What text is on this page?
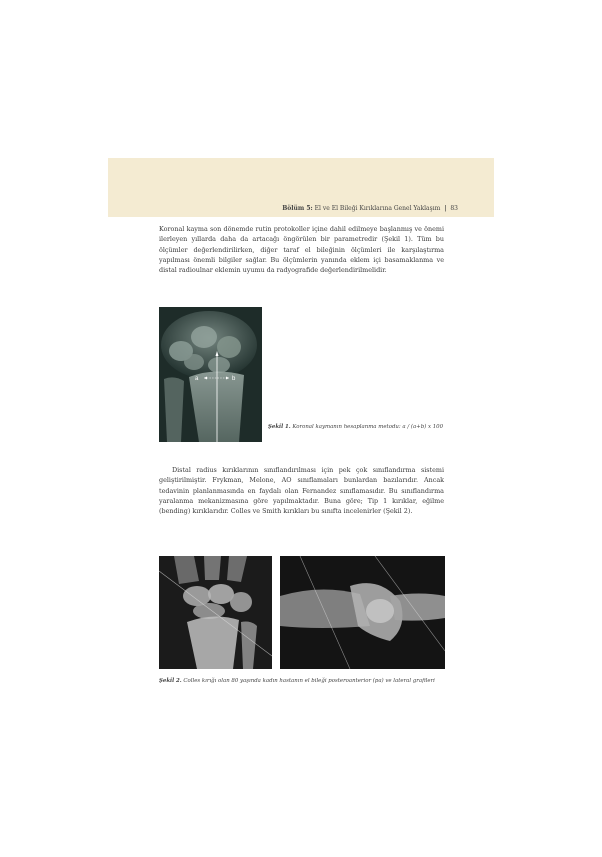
Bölüm 5: El ve El Bileği Kırıklarına Genel Yaklaşım | 83

Koronal kayma son dönemde rutin protokoller içine dahil edilmeye başlanmış ve önemi ilerleyen yıllarda daha da artacağı öngörülen bir parametredir (Şekil 1). Tüm bu ölçümler değerlendirilirken, diğer taraf el bileğinin ölçümleri ile karşılaştırma yapılması önemli bilgiler sağlar. Bu ölçümlerin yanında eklem içi basamaklanma ve distal radioulnar eklemin uyumu da radyografide değerlendirilmelidir.

a	b

Şekil 1. Koronal kaymanın hesaplanma metodu: a / (a+b) x 100

Distal radius kırıklarının sınıflandırılması için pek çok sınıflandırma sistemi geliştirilmiştir. Frykman, Melone, AO sınıflamaları bunlardan bazılarıdır. Ancak tedavinin planlanmasında en faydalı olan Fernandez sınıflamasıdır. Bu sınıflandırma yaralanma mekanizmasına göre yapılmaktadır. Buna göre; Tip 1 kırıklar, eğilme (bending) kırıklarıdır. Colles ve Smith kırıkları bu sınıfta incelenirler (Şekil 2).

Şekil 2. Colles kırığı olan 80 yaşında kadın hastanın el bileği posteroanterior (pa) ve lateral grafileri
